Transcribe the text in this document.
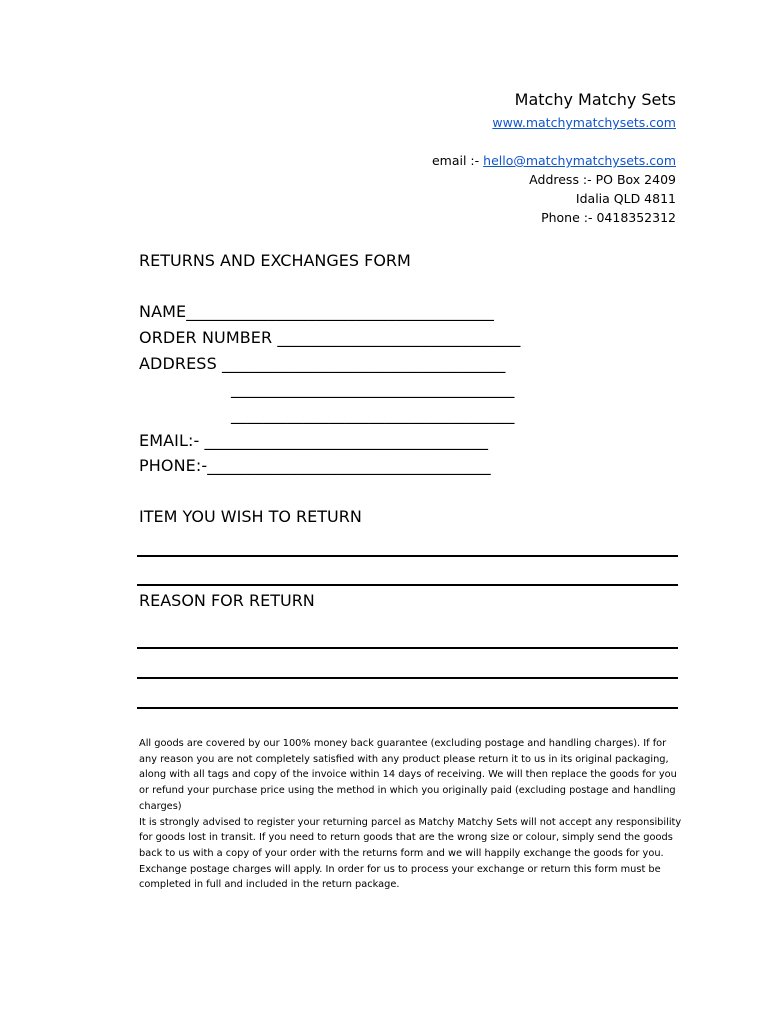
Matchy Matchy Sets
www.matchymatchysets.com
email :- hello@matchymatchysets.com
Address :- PO Box 2409
Idalia QLD 4811
Phone :- 0418352312
RETURNS AND EXCHANGES FORM
NAME______________________________________
ORDER NUMBER ______________________________
ADDRESS ___________________________________
___________________________________
___________________________________
EMAIL:- ___________________________________
PHONE:-___________________________________
ITEM YOU WISH TO RETURN
REASON FOR RETURN

All goods are covered by our 100% money back guarantee (excluding postage and handling charges). If for any reason you are not completely satisfied with any product please return it to us in its original packaging, along with all tags and copy of the invoice within 14 days of receiving. We will then replace the goods for you or refund your purchase price using the method in which you originally paid (excluding postage and handling charges)

It is strongly advised to register your returning parcel as Matchy Matchy Sets will not accept any responsibility for goods lost in transit. If you need to return goods that are the wrong size or colour, simply send the goods back to us with a copy of your order with the returns form and we will happily exchange the goods for you. Exchange postage charges will apply. In order for us to process your exchange or return this form must be completed in full and included in the return package.
